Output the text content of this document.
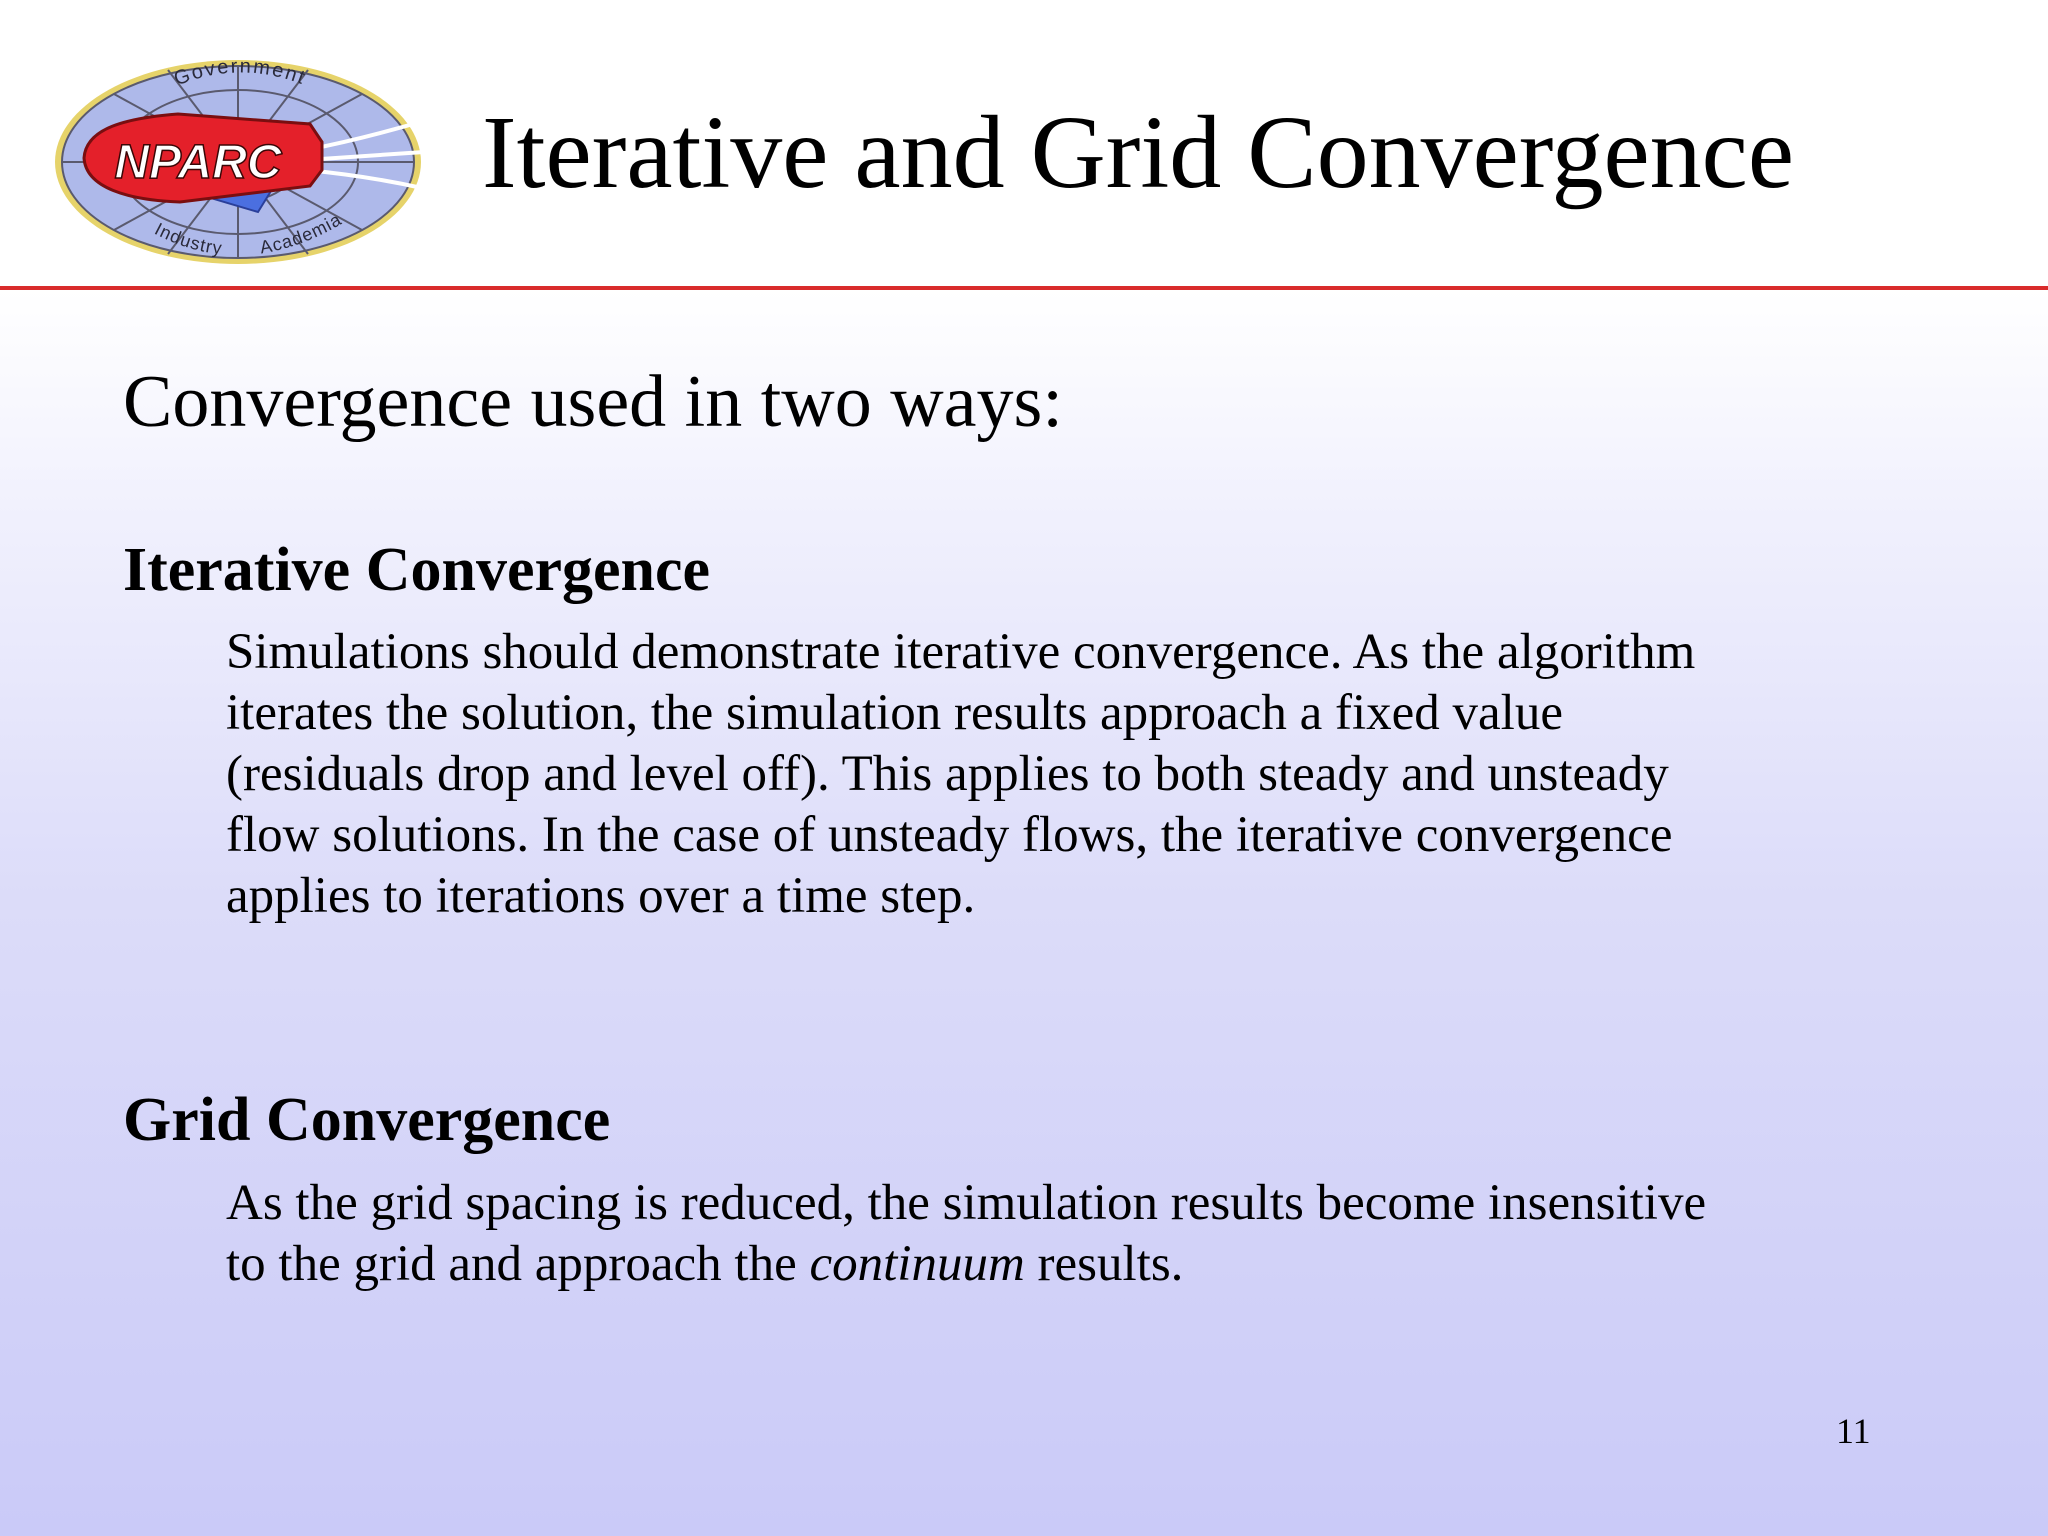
NPARC
Government
Industry Academia
Iterative and Grid Convergence

Convergence used in two ways:

Iterative Convergence

Simulations should demonstrate iterative convergence. As the algorithm
iterates the solution, the simulation results approach a fixed value
(residuals drop and level off). This applies to both steady and unsteady
flow solutions. In the case of unsteady flows, the iterative convergence
applies to iterations over a time step.

Grid Convergence

As the grid spacing is reduced, the simulation results become insensitive
to the grid and approach the continuum results.

11
